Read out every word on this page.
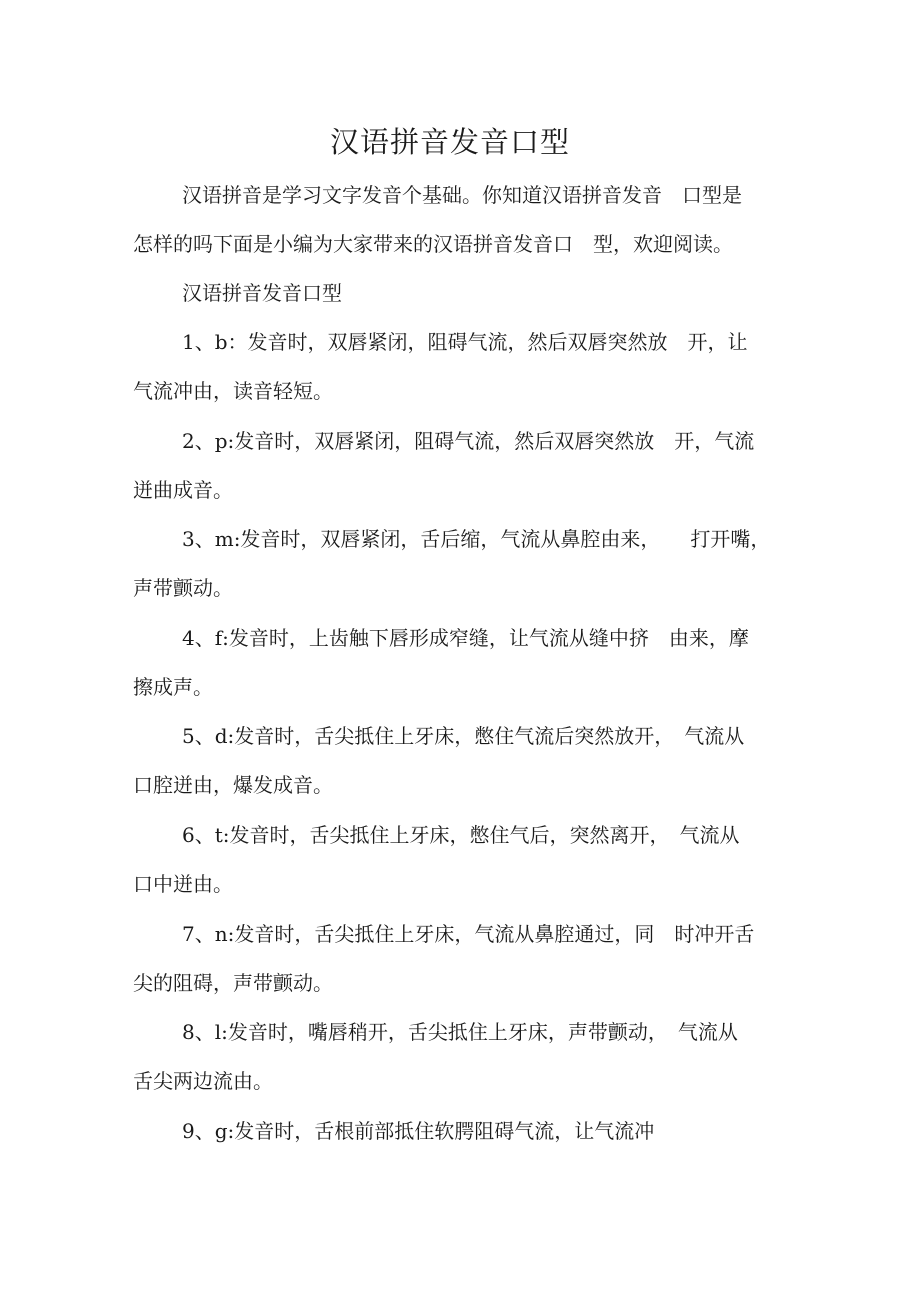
汉语拼音发音口型
汉语拼音是学习文字发音个基础。你知道汉语拼音发音　口型是
怎样的吗下面是小编为大家带来的汉语拼音发音口　型，欢迎阅读。
汉语拼音发音口型
1、b：发音时，双唇紧闭，阻碍气流，然后双唇突然放　开，让
气流冲由，读音轻短。
2、p:发音时，双唇紧闭，阻碍气流，然后双唇突然放　开，气流
迸曲成音。
3、m:发音时，双唇紧闭，舌后缩，气流从鼻腔由来，　　打开嘴，
声带颤动。
4、f:发音时，上齿触下唇形成窄缝，让气流从缝中挤　由来，摩
擦成声。
5、d:发音时，舌尖抵住上牙床，憋住气流后突然放开，　气流从
口腔迸由，爆发成音。
6、t:发音时，舌尖抵住上牙床，憋住气后，突然离开，　气流从
口中迸由。
7、n:发音时，舌尖抵住上牙床，气流从鼻腔通过，同　时冲开舌
尖的阻碍，声带颤动。
8、l:发音时，嘴唇稍开，舌尖抵住上牙床，声带颤动，　气流从
舌尖两边流由。
9、g:发音时，舌根前部抵住软腭阻碍气流，让气流冲
